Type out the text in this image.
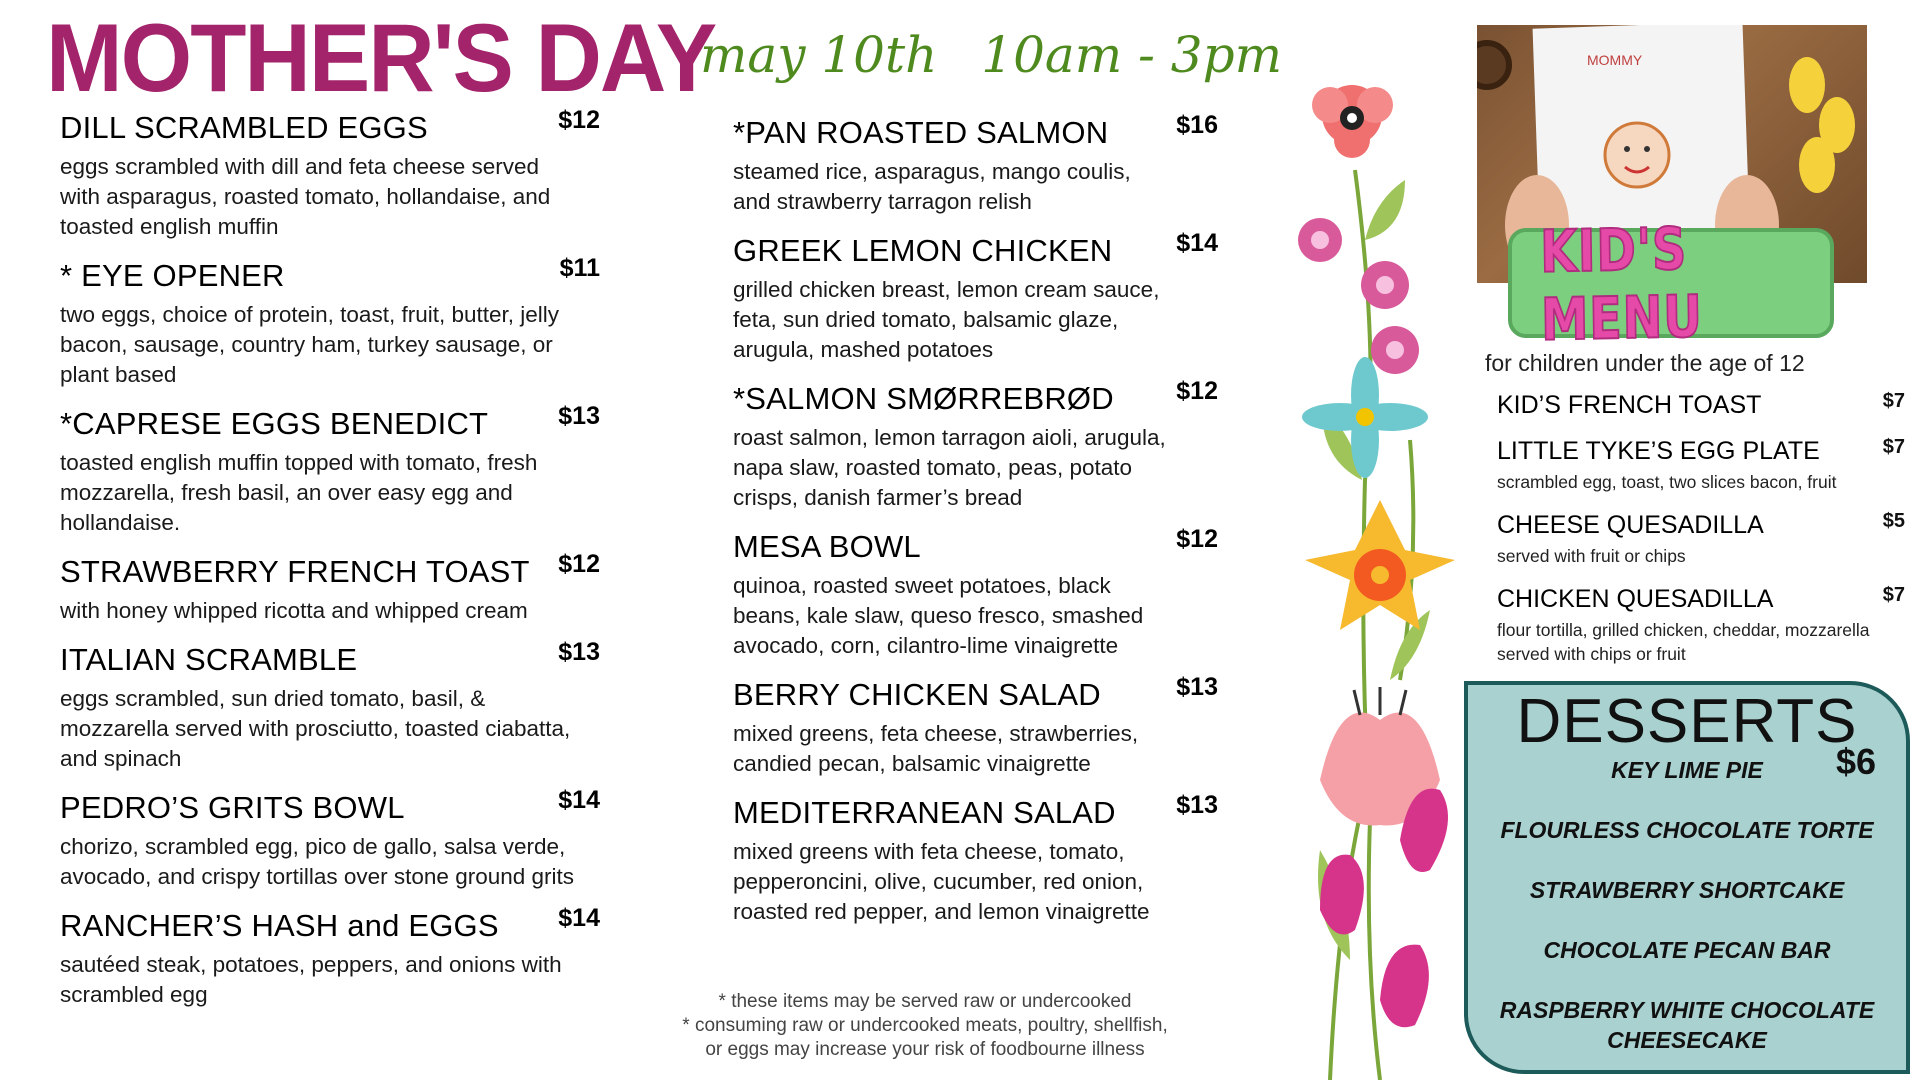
MOTHER'S DAY
may 10th 10am - 3pm
DILL SCRAMBLED EGGS	$12
eggs scrambled with dill and feta cheese served with asparagus, roasted tomato, hollandaise, and toasted english muffin
* EYE OPENER	$11
two eggs, choice of protein, toast, fruit, butter, jelly bacon, sausage, country ham, turkey sausage, or plant based
*CAPRESE EGGS BENEDICT	$13
toasted english muffin topped with tomato, fresh mozzarella, fresh basil, an over easy egg and hollandaise.
STRAWBERRY FRENCH TOAST	$12
with honey whipped ricotta and whipped cream
ITALIAN SCRAMBLE	$13
eggs scrambled, sun dried tomato, basil, & mozzarella served with prosciutto, toasted ciabatta, and spinach
PEDRO’S GRITS BOWL	$14
chorizo, scrambled egg, pico de gallo, salsa verde, avocado, and crispy tortillas over stone ground grits
RANCHER’S HASH and EGGS	$14
sautéed steak, potatoes, peppers, and onions with scrambled egg
*PAN ROASTED SALMON	$16
steamed rice, asparagus, mango coulis, and strawberry tarragon relish
GREEK LEMON CHICKEN	$14
grilled chicken breast, lemon cream sauce, feta, sun dried tomato, balsamic glaze, arugula, mashed potatoes
*SALMON SMØRREBRØD	$12
roast salmon, lemon tarragon aioli, arugula, napa slaw, roasted tomato, peas, potato crisps, danish farmer’s bread
MESA BOWL	$12
quinoa, roasted sweet potatoes, black beans, kale slaw, queso fresco, smashed avocado, corn, cilantro-lime vinaigrette
BERRY CHICKEN SALAD	$13
mixed greens, feta cheese, strawberries, candied pecan, balsamic vinaigrette
MEDITERRANEAN SALAD	$13
mixed greens with feta cheese, tomato, pepperoncini, olive, cucumber, red onion, roasted red pepper, and lemon vinaigrette
* these items may be served raw or undercooked
* consuming raw or undercooked meats, poultry, shellfish,
or eggs may increase your risk of foodbourne illness
MOMMY
KID'S MENU
for children under the age of 12
KID’S FRENCH TOAST	$7
LITTLE TYKE’S EGG PLATE	$7
scrambled egg, toast, two slices bacon, fruit
CHEESE QUESADILLA	$5
served with fruit or chips
CHICKEN QUESADILLA	$7
flour tortilla, grilled chicken, cheddar, mozzarella served with chips or fruit
DESSERTS
$6
KEY LIME PIE
FLOURLESS CHOCOLATE TORTE
STRAWBERRY SHORTCAKE
CHOCOLATE PECAN BAR
RASPBERRY WHITE CHOCOLATE CHEESECAKE
